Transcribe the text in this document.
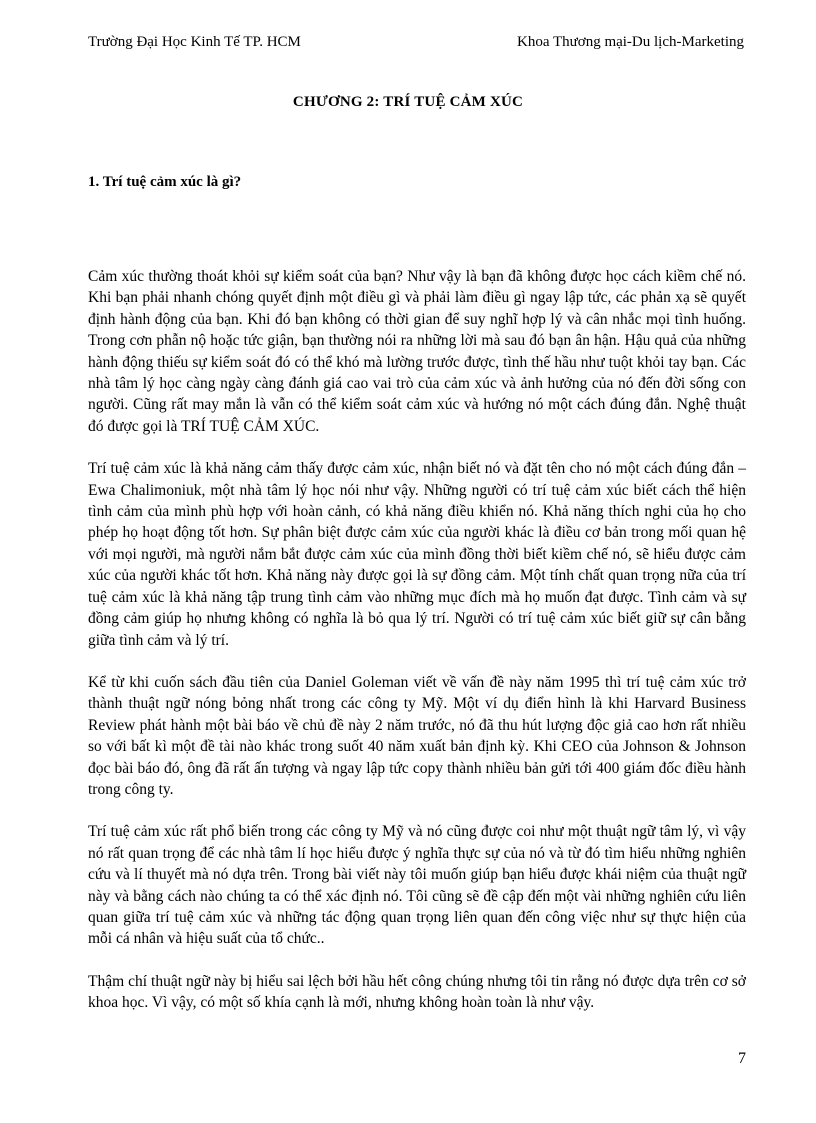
Trường Đại Học Kinh Tế TP. HCM	Khoa Thương mại-Du lịch-Marketing
CHƯƠNG 2: TRÍ TUỆ CẢM XÚC
1. Trí tuệ cảm xúc là gì?

Cảm xúc thường thoát khỏi sự kiểm soát của bạn? Như vậy là bạn đã không được học cách kiềm chế nó. Khi bạn phải nhanh chóng quyết định một điều gì và phải làm điều gì ngay lập tức, các phản xạ sẽ quyết định hành động của bạn. Khi đó bạn không có thời gian để suy nghĩ hợp lý và cân nhắc mọi tình huống. Trong cơn phẫn nộ hoặc tức giận, bạn thường nói ra những lời mà sau đó bạn ân hận. Hậu quả của những hành động thiếu sự kiểm soát đó có thể khó mà lường trước được, tình thế hầu như tuột khỏi tay bạn. Các nhà tâm lý học càng ngày càng đánh giá cao vai trò của cảm xúc và ảnh hưởng của nó đến đời sống con người. Cũng rất may mắn là vẫn có thể kiểm soát cảm xúc và hướng nó một cách đúng đắn. Nghệ thuật đó được gọi là TRÍ TUỆ CẢM XÚC.

Trí tuệ cảm xúc là khả năng cảm thấy được cảm xúc, nhận biết nó và đặt tên cho nó một cách đúng đắn – Ewa Chalimoniuk, một nhà tâm lý học nói như vậy. Những người có trí tuệ cảm xúc biết cách thể hiện tình cảm của mình phù hợp với hoàn cảnh, có khả năng điều khiển nó. Khả năng thích nghi của họ cho phép họ hoạt động tốt hơn. Sự phân biệt được cảm xúc của người khác là điều cơ bản trong mối quan hệ với mọi người, mà người nắm bắt được cảm xúc của mình đồng thời biết kiềm chế nó, sẽ hiểu được cảm xúc của người khác tốt hơn. Khả năng này được gọi là sự đồng cảm. Một tính chất quan trọng nữa của trí tuệ cảm xúc là khả năng tập trung tình cảm vào những mục đích mà họ muốn đạt được. Tình cảm và sự đồng cảm giúp họ nhưng không có nghĩa là bỏ qua lý trí. Người có trí tuệ cảm xúc biết giữ sự cân bằng giữa tình cảm và lý trí.

Kể từ khi cuốn sách đầu tiên của Daniel Goleman viết về vấn đề này năm 1995 thì trí tuệ cảm xúc trở thành thuật ngữ nóng bỏng nhất trong các công ty Mỹ. Một ví dụ điển hình là khi Harvard Business Review phát hành một bài báo về chủ đề này 2 năm trước, nó đã thu hút lượng độc giả cao hơn rất nhiều so với bất kì một đề tài nào khác trong suốt 40 năm xuất bản định kỳ. Khi CEO của Johnson & Johnson đọc bài báo đó, ông đã rất ấn tượng và ngay lập tức copy thành nhiều bản gửi tới 400 giám đốc điều hành trong công ty.

Trí tuệ cảm xúc rất phổ biến trong các công ty Mỹ và nó cũng được coi như một thuật ngữ tâm lý, vì vậy nó rất quan trọng để các nhà tâm lí học hiểu được ý nghĩa thực sự của nó và từ đó tìm hiểu những nghiên cứu và lí thuyết mà nó dựa trên. Trong bài viết này tôi muốn giúp bạn hiểu được khái niệm của thuật ngữ này và bằng cách nào chúng ta có thể xác định nó. Tôi cũng sẽ đề cập đến một vài những nghiên cứu liên quan giữa trí tuệ cảm xúc và những tác động quan trọng liên quan đến công việc như sự thực hiện của mỗi cá nhân và hiệu suất của tổ chức..

Thậm chí thuật ngữ này bị hiểu sai lệch bởi hầu hết công chúng nhưng tôi tin rằng nó được dựa trên cơ sở khoa học. Vì vậy, có một số khía cạnh là mới, nhưng không hoàn toàn là như vậy.

7
